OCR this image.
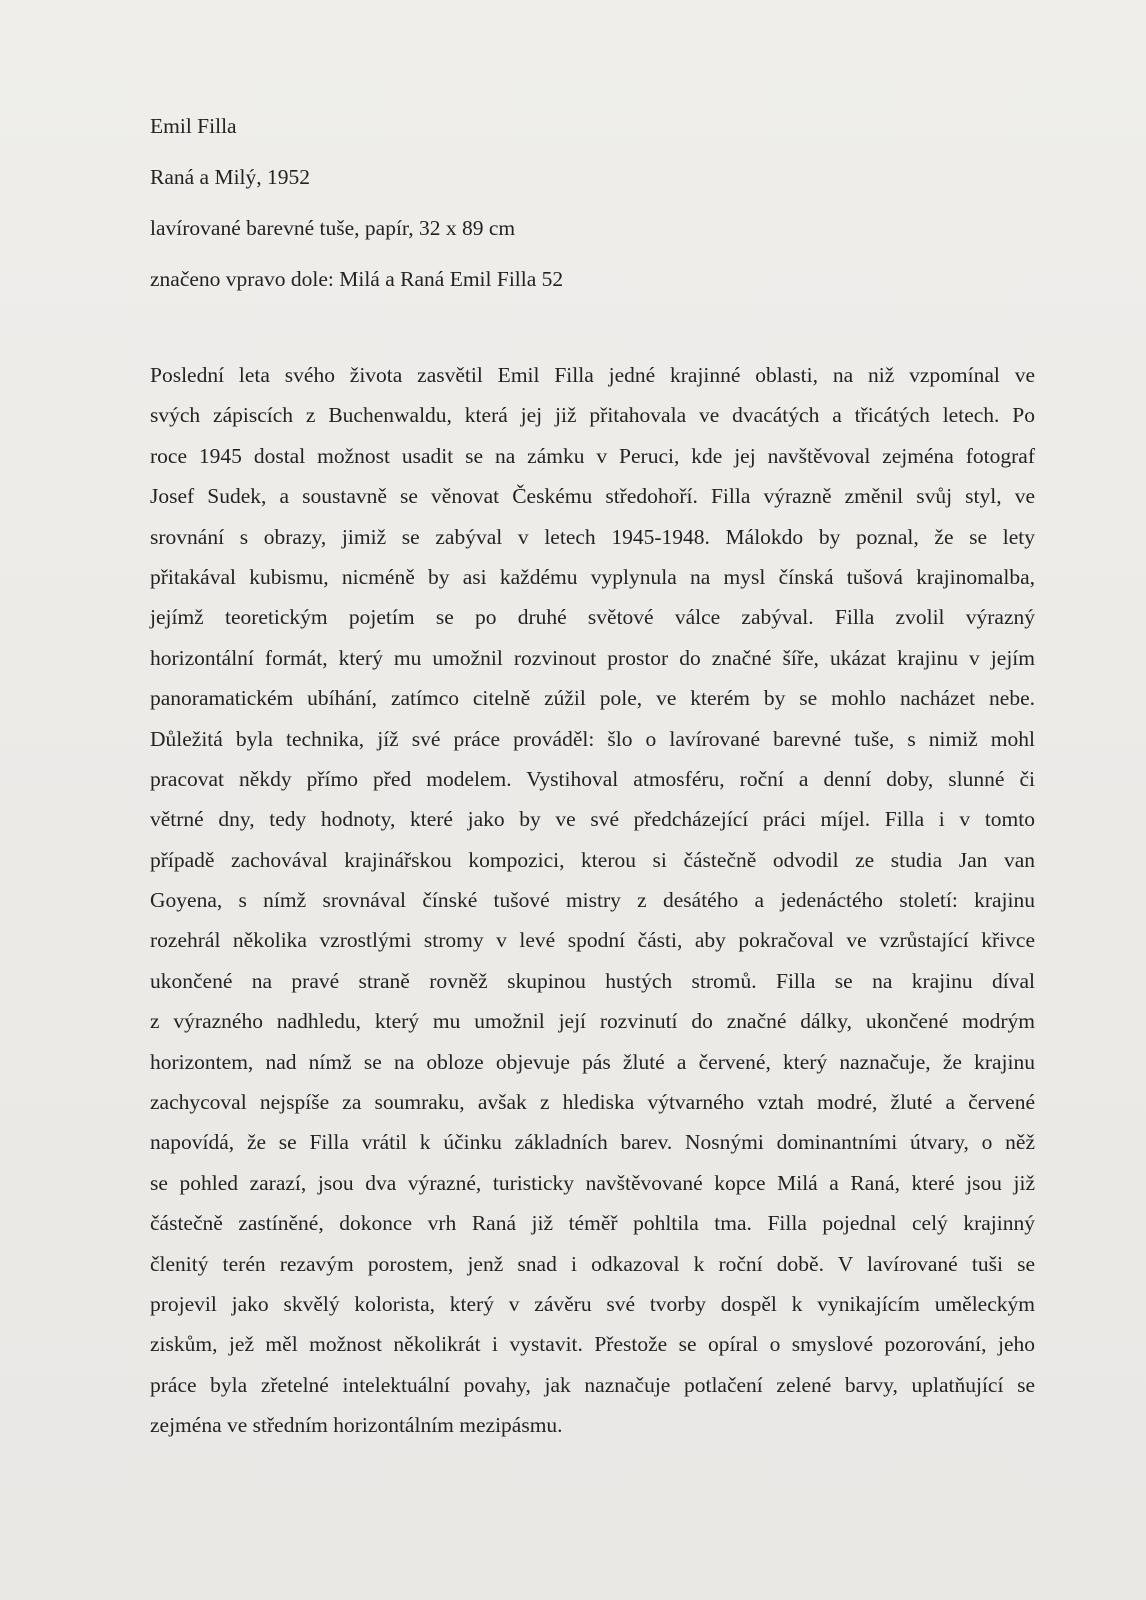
Emil Filla
Raná a Milý, 1952
lavírované barevné tuše, papír, 32 x 89 cm
značeno vpravo dole: Milá a Raná Emil Filla 52
Poslední leta svého života zasvětil Emil Filla jedné krajinné oblasti, na niž vzpomínal ve
svých zápiscích z Buchenwaldu, která jej již přitahovala ve dvacátých a třicátých letech. Po
roce 1945 dostal možnost usadit se na zámku v Peruci, kde jej navštěvoval zejména fotograf
Josef Sudek, a soustavně se věnovat Českému středohoří. Filla výrazně změnil svůj styl, ve
srovnání s obrazy, jimiž se zabýval v letech 1945-1948. Málokdo by poznal, že se lety
přitakával kubismu, nicméně by asi každému vyplynula na mysl čínská tušová krajinomalba,
jejímž teoretickým pojetím se po druhé světové válce zabýval. Filla zvolil výrazný
horizontální formát, který mu umožnil rozvinout prostor do značné šíře, ukázat krajinu v jejím
panoramatickém ubíhání, zatímco citelně zúžil pole, ve kterém by se mohlo nacházet nebe.
Důležitá byla technika, jíž své práce prováděl: šlo o lavírované barevné tuše, s nimiž mohl
pracovat někdy přímo před modelem. Vystihoval atmosféru, roční a denní doby, slunné či
větrné dny, tedy hodnoty, které jako by ve své předcházející práci míjel. Filla i v tomto
případě zachovával krajinářskou kompozici, kterou si částečně odvodil ze studia Jan van
Goyena, s nímž srovnával čínské tušové mistry z desátého a jedenáctého století: krajinu
rozehrál několika vzrostlými stromy v levé spodní části, aby pokračoval ve vzrůstající křivce
ukončené na pravé straně rovněž skupinou hustých stromů. Filla se na krajinu díval
z výrazného nadhledu, který mu umožnil její rozvinutí do značné dálky, ukončené modrým
horizontem, nad nímž se na obloze objevuje pás žluté a červené, který naznačuje, že krajinu
zachycoval nejspíše za soumraku, avšak z hlediska výtvarného vztah modré, žluté a červené
napovídá, že se Filla vrátil k účinku základních barev. Nosnými dominantními útvary, o něž
se pohled zarazí, jsou dva výrazné, turisticky navštěvované kopce Milá a Raná, které jsou již
částečně zastíněné, dokonce vrh Raná již téměř pohltila tma. Filla pojednal celý krajinný
členitý terén rezavým porostem, jenž snad i odkazoval k roční době. V lavírované tuši se
projevil jako skvělý kolorista, který v závěru své tvorby dospěl k vynikajícím uměleckým
ziskům, jež měl možnost několikrát i vystavit. Přestože se opíral o smyslové pozorování, jeho
práce byla zřetelné intelektuální povahy, jak naznačuje potlačení zelené barvy, uplatňující se
zejména ve středním horizontálním mezipásmu.
